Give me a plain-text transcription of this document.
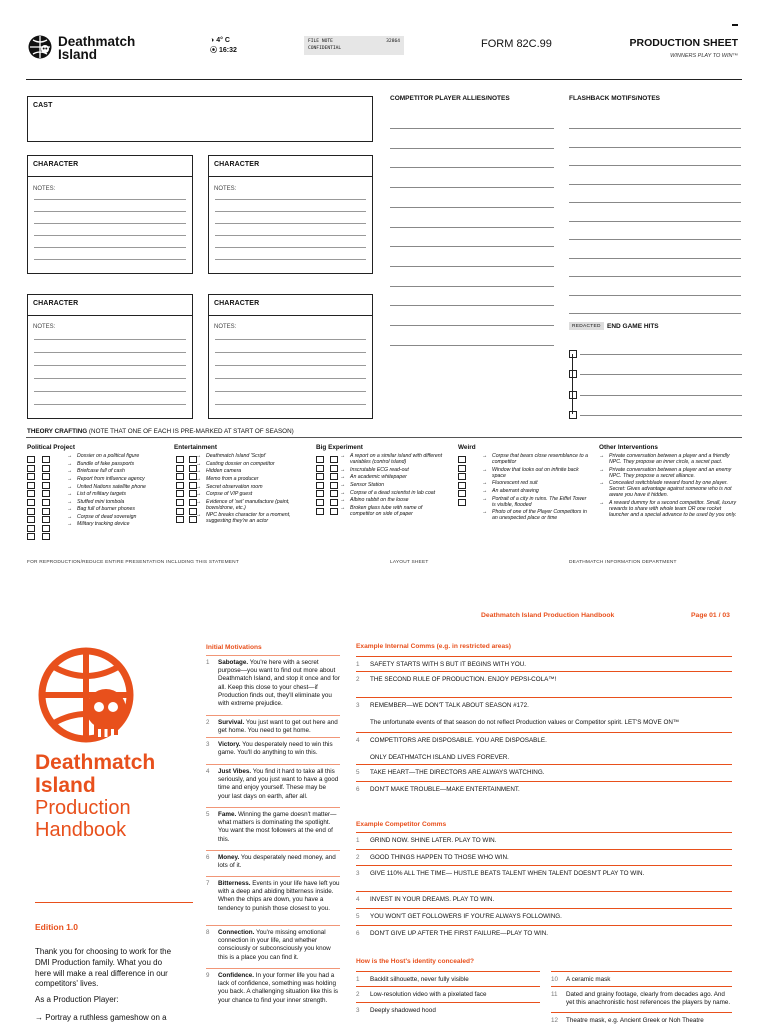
Deathmatch
Island
◑ 4° C
⦿ 16:32
FILE NOTE	32864
CONFIDENTIAL	FORM 82C.99	PRODUCTION SHEET
WINNERS PLAY TO WIN™
CAST
CHARACTER
NOTES:
CHARACTER
NOTES:
CHARACTER
NOTES:
CHARACTER
NOTES:
COMPETITOR PLAYER ALLIES/NOTES	FLASHBACK MOTIFS/NOTES
REDACTED END GAME HITS
THEORY CRAFTING (NOTE THAT ONE OF EACH IS PRE-MARKED AT START OF SEASON)
Political Project
→ Dossier on a political figure
→ Bundle of fake passports
→ Briefcase full of cash
→ Report from influence agency
→ United Nations satellite phone
→ List of military targets
→ Stuffed mini tombola
→ Bag full of burner phones
→ Corpse of dead sovereign
→ Military tracking device
Entertainment
→ Deathmatch Island 'Script'
→ Casting dossier on competitor
→ Hidden camera
→ Memo from a producer
→ Secret observation room
→ Corpse of VIP guest
→ Evidence of 'set' manufacture (paint, bows/drone, etc.)
→ NPC breaks character for a moment, suggesting they're an actor
Big Experiment
→ A report on a similar island with different variables (control island)
→ Inscrutable ECG read-out
→ An academic whitepaper
→ Sensor Station
→ Corpse of a dead scientist in lab coat
→ Albino rabbit on the loose
→ Broken glass tube with name of competitor on side of paper
Weird
→ Corpse that bears close resemblance to a competitor
→ Window that looks out on infinite back space
→ Fluorescent red suit
→ An aberrant drawing
→ Portrait of a city in ruins. The Eiffel Tower is visible, flooded
→ Photo of one of the Player Competitors in an unexpected place or time
Other Interventions
→ Private conversation between a player and a friendly NPC. They propose an inner circle, a secret pact.
→ Private conversation between a player and an enemy NPC. They propose a secret alliance.
→ Concealed switchblade reward found by one player. Secret: Gives advantage against someone who is not aware you have it hidden.
→ A reward dummy for a second competitor. Small, luxury rewards to share with whole team OR one rocket launcher and a special advance to be used by you only.
FOR REPRODUCTION/REDUCE ENTIRE PRESENTATION INCLUDING THIS STATEMENT	LAYOUT SHEET	DEATHMATCH INFORMATION DEPARTMENT
Deathmatch Island Production Handbook	Page 01 / 03
Deathmatch
Island
Production
Handbook
Edition 1.0
Thank you for choosing to work for the DMI Production family. What you do here will make a real difference in our competitors' lives.
As a Production Player:
→ Portray a ruthless gameshow on a
Initial Motivations
1 Sabotage. You're here with a secret purpose—you want to find out more about Deathmatch Island, and stop it once and for all. Keep this close to your chest—if Production finds out, they'll eliminate you with extreme prejudice.
2 Survival. You just want to get out here and get home. You need to get home.
3 Victory. You desperately need to win this game. You'll do anything to win this.
4 Just Vibes. You find it hard to take all this seriously, and you just want to have a good time and enjoy yourself. These may be your last days on earth, after all.
5 Fame. Winning the game doesn't matter—what matters is dominating the spotlight. You want the most followers at the end of this.
6 Money. You desperately need money, and lots of it.
7 Bitterness. Events in your life have left you with a deep and abiding bitterness inside. When the chips are down, you have a tendency to punish those closest to you.
8 Connection. You're missing emotional connection in your life, and whether consciously or subconsciously you know this is a place you can find it.
9 Confidence. In your former life you had a lack of confidence, something was holding you back. A challenging situation like this is your chance to find your inner strength.
Example Internal Comms (e.g. in restricted areas)
1 SAFETY STARTS WITH S BUT IT BEGINS WITH YOU.
2 THE SECOND RULE OF PRODUCTION. ENJOY PEPSI-COLA™!
3 REMEMBER—WE DON'T TALK ABOUT SEASON #172.
The unfortunate events of that season do not reflect Production values or Competitor spirit. LET'S MOVE ON™
4 COMPETITORS ARE DISPOSABLE. YOU ARE DISPOSABLE.
ONLY DEATHMATCH ISLAND LIVES FOREVER.
5 TAKE HEART—THE DIRECTORS ARE ALWAYS WATCHING.
6 DON'T MAKE TROUBLE—MAKE ENTERTAINMENT.
Example Competitor Comms
1 GRIND NOW. SHINE LATER. PLAY TO WIN.
2 GOOD THINGS HAPPEN TO THOSE WHO WIN.
3 GIVE 110% ALL THE TIME— HUSTLE BEATS TALENT WHEN TALENT DOESN'T PLAY TO WIN.
4 INVEST IN YOUR DREAMS. PLAY TO WIN.
5 YOU WON'T GET FOLLOWERS IF YOU'RE ALWAYS FOLLOWING.
6 DON'T GIVE UP AFTER THE FIRST FAILURE—PLAY TO WIN.
How is the Host's identity concealed?
1 Backlit silhouette, never fully visible
2 Low-resolution video with a pixelated face
3 Deeply shadowed hood
10	A ceramic mask
11	Dated and grainy footage, clearly from decades ago. And yet this anachronistic host references the players by name.
12	Theatre mask, e.g. Ancient Greek or Noh Theatre
